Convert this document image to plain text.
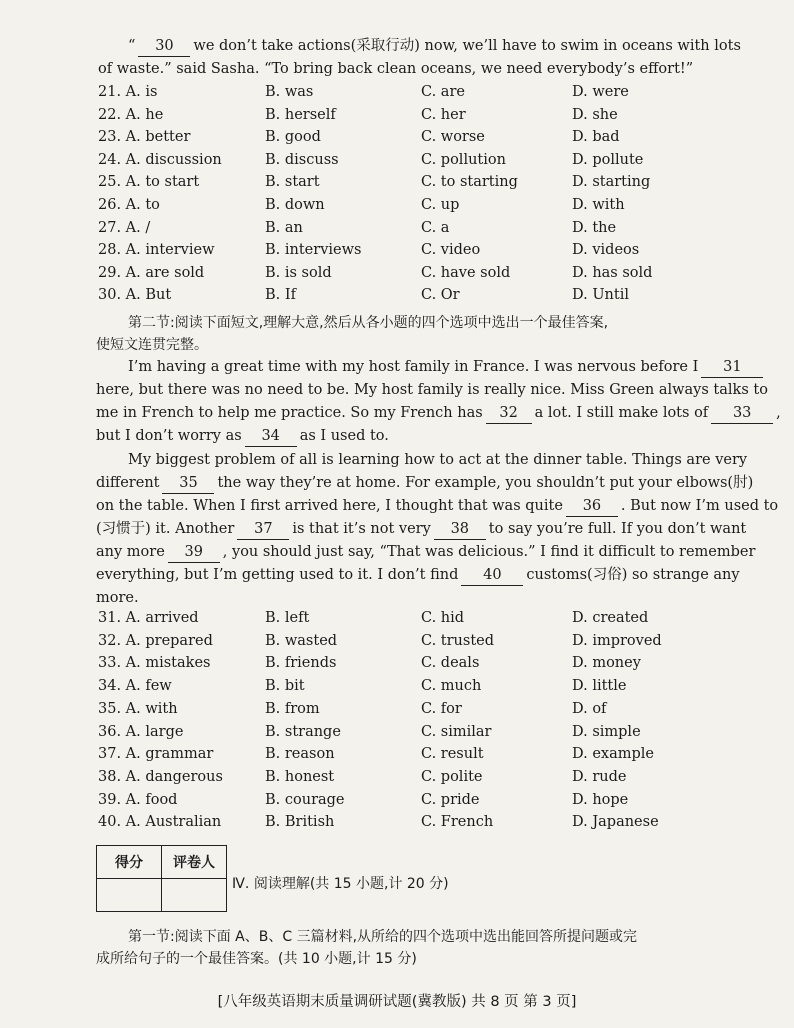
“ 30 we don’t take actions(采取行动) now, we’ll have to swim in oceans with lots
of waste.” said Sasha. “To bring back clean oceans, we need everybody’s effort!”
21. A. is	B. was	C. are	D. were
22. A. he	B. herself	C. her	D. she
23. A. better	B. good	C. worse	D. bad
24. A. discussion	B. discuss	C. pollution	D. pollute
25. A. to start	B. start	C. to starting	D. starting
26. A. to	B. down	C. up	D. with
27. A. /	B. an	C. a	D. the
28. A. interview	B. interviews	C. video	D. videos
29. A. are sold	B. is sold	C. have sold	D. has sold
30. A. But	B. If	C. Or	D. Until
第二节:阅读下面短文,理解大意,然后从各小题的四个选项中选出一个最佳答案,
使短文连贯完整。
I’m having a great time with my host family in France. I was nervous before I 31
here, but there was no need to be. My host family is really nice. Miss Green always talks to
me in French to help me practice. So my French has 32 a lot. I still make lots of 33 ,
but I don’t worry as 34 as I used to.
My biggest problem of all is learning how to act at the dinner table. Things are very
different 35 the way they’re at home. For example, you shouldn’t put your elbows(肘)
on the table. When I first arrived here, I thought that was quite 36 . But now I’m used to
(习惯于) it. Another 37 is that it’s not very 38 to say you’re full. If you don’t want
any more 39 , you should just say, “That was delicious.” I find it difficult to remember
everything, but I’m getting used to it. I don’t find 40 customs(习俗) so strange any
more.
31. A. arrived	B. left	C. hid	D. created
32. A. prepared	B. wasted	C. trusted	D. improved
33. A. mistakes	B. friends	C. deals	D. money
34. A. few	B. bit	C. much	D. little
35. A. with	B. from	C. for	D. of
36. A. large	B. strange	C. similar	D. simple
37. A. grammar	B. reason	C. result	D. example
38. A. dangerous	B. honest	C. polite	D. rude
39. A. food	B. courage	C. pride	D. hope
40. A. Australian	B. British	C. French	D. Japanese
得分	评卷人

Ⅳ. 阅读理解(共 15 小题,计 20 分)
第一节:阅读下面 A、B、C 三篇材料,从所给的四个选项中选出能回答所提问题或完
成所给句子的一个最佳答案。(共 10 小题,计 15 分)
[八年级英语期末质量调研试题(冀教版) 共 8 页 第 3 页]
